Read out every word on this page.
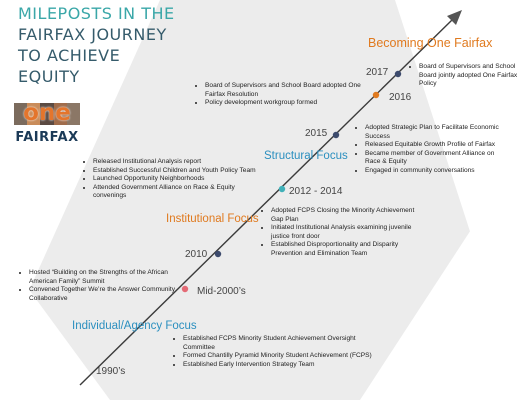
MILEPOSTS IN THE
FAIRFAX JOURNEY
TO ACHIEVE
EQUITY
one
FAIRFAX
Becoming One Fairfax
Structural Focus
Institutional Focus
Individual/Agency Focus
2017
2016
2015
2012 - 2014
2010
Mid-2000’s
1990’s
• Board of Supervisors and School Board jointly adopted One Fairfax Policy
• Board of Supervisors and School Board adopted One Fairfax Resolution
• Policy development workgroup formed
• Adopted Strategic Plan to Facilitate Economic Success
• Released Equitable Growth Profile of Fairfax
• Became member of Government Alliance on Race & Equity
• Engaged in community conversations
• Released Institutional Analysis report
• Established Successful Children and Youth Policy Team
• Launched Opportunity Neighborhoods
• Attended Government Alliance on Race & Equity convenings
• Adopted FCPS Closing the Minority Achievement Gap Plan
• Initiated Institutional Analysis examining juvenile justice front door
• Established Disproportionality and Disparity Prevention and Elimination Team
• Hosted “Building on the Strengths of the African American Family” Summit
• Convened Together We’re the Answer Community Collaborative
• Established FCPS Minority Student Achievement Oversight Committee
• Formed Chantilly Pyramid Minority Student Achievement (FCPS)
• Established Early Intervention Strategy Team
